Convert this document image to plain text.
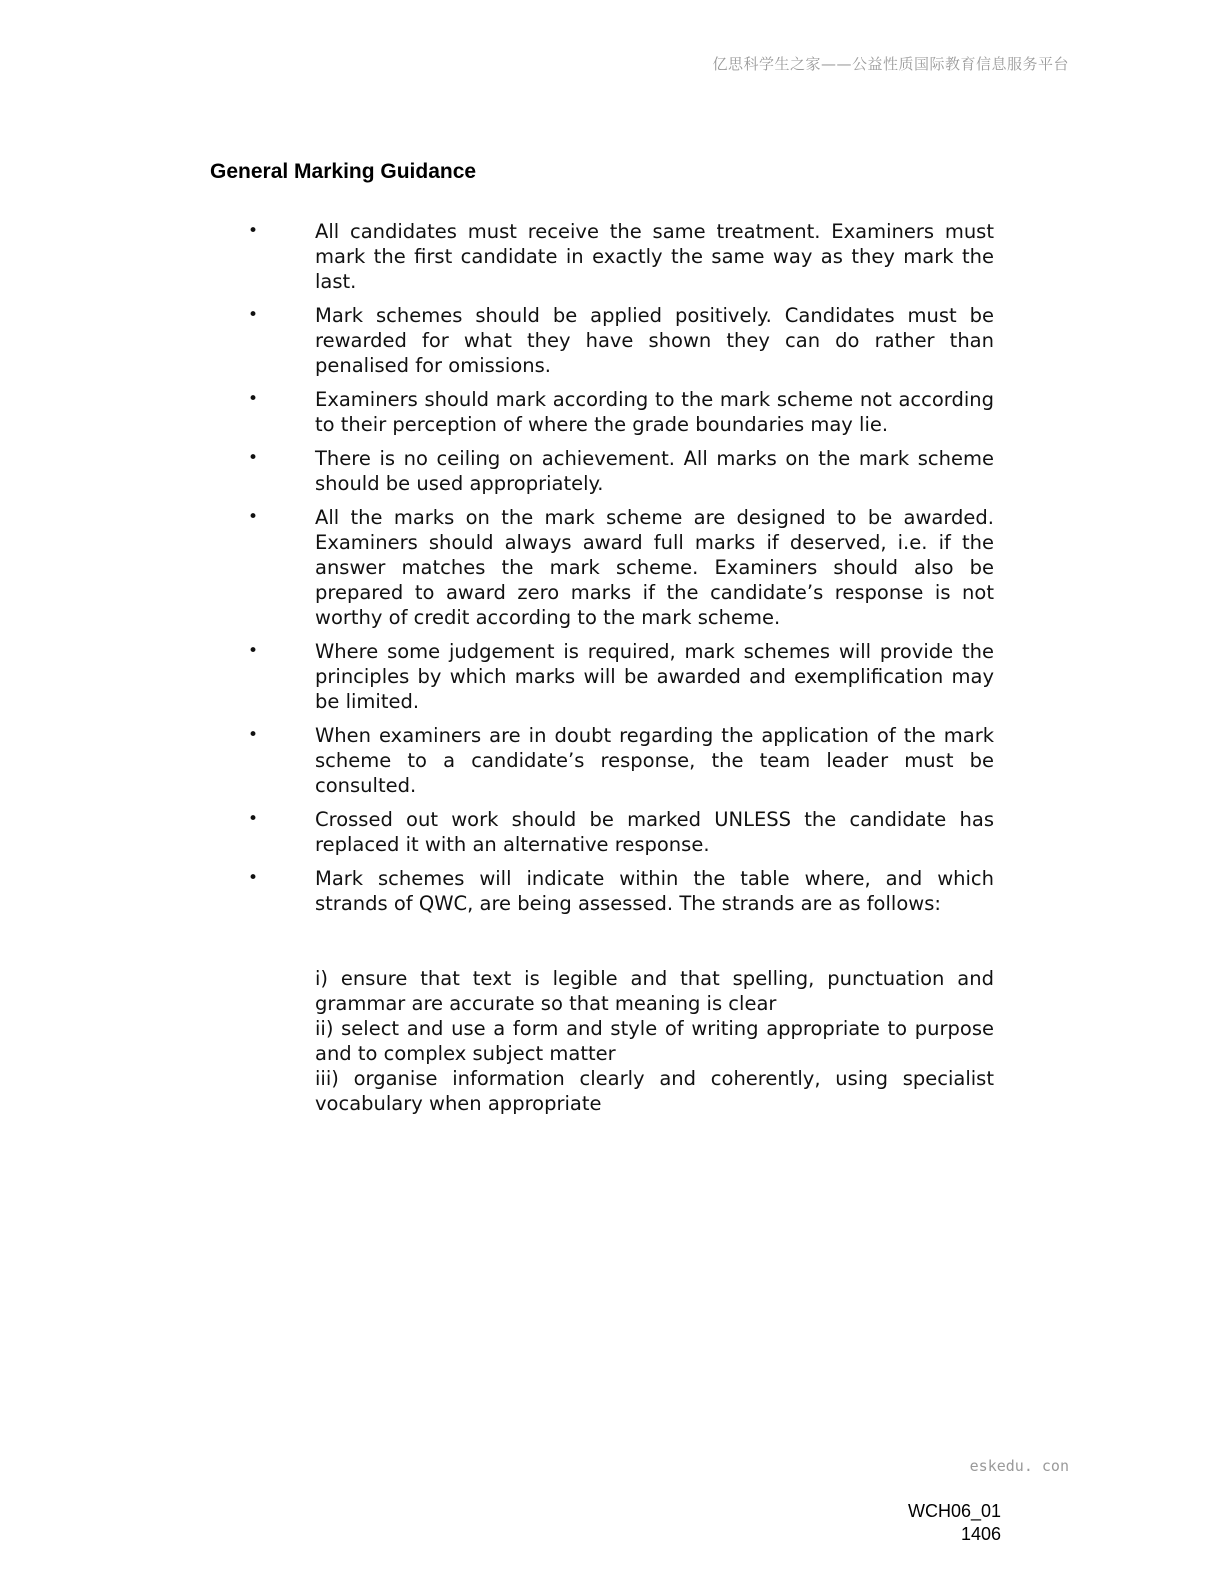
亿思科学生之家——公益性质国际教育信息服务平台
General Marking Guidance
•	All candidates must receive the same treatment. Examiners must mark the first candidate in exactly the same way as they mark the last.
•	Mark schemes should be applied positively. Candidates must be rewarded for what they have shown they can do rather than penalised for omissions.
•	Examiners should mark according to the mark scheme not according to their perception of where the grade boundaries may lie.
•	There is no ceiling on achievement. All marks on the mark scheme should be used appropriately.
•	All the marks on the mark scheme are designed to be awarded. Examiners should always award full marks if deserved, i.e. if the answer matches the mark scheme. Examiners should also be prepared to award zero marks if the candidate’s response is not worthy of credit according to the mark scheme.
•	Where some judgement is required, mark schemes will provide the principles by which marks will be awarded and exemplification may be limited.
•	When examiners are in doubt regarding the application of the mark scheme to a candidate’s response, the team leader must be consulted.
•	Crossed out work should be marked UNLESS the candidate has replaced it with an alternative response.
•	Mark schemes will indicate within the table where, and which strands of QWC, are being assessed. The strands are as follows:
i) ensure that text is legible and that spelling, punctuation and grammar are accurate so that meaning is clear
ii) select and use a form and style of writing appropriate to purpose and to complex subject matter
iii) organise information clearly and coherently, using specialist vocabulary when appropriate
eskedu. con
WCH06_01
1406
